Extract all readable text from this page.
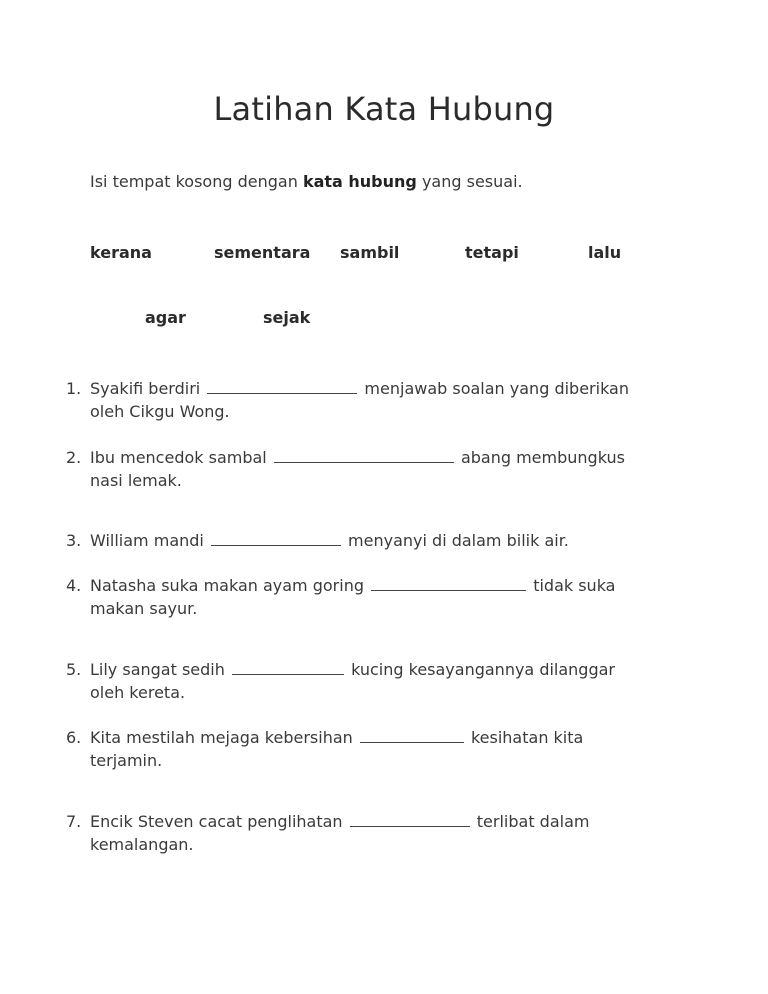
Latihan Kata Hubung

Isi tempat kosong dengan kata hubung yang sesuai.

kerana	sementara sambil	tetapi	lalu
agar	sejak
1. Syakifi berdiri	menjawab soalan yang diberikan
oleh Cikgu Wong.
2. Ibu mencedok sambal	abang membungkus
nasi lemak.
3. William mandi	menyanyi di dalam bilik air.
4. Natasha suka makan ayam goring	tidak suka
makan sayur.
5. Lily sangat sedih	kucing kesayangannya dilanggar
oleh kereta.
6. Kita mestilah mejaga kebersihan	kesihatan kita
terjamin.
7. Encik Steven cacat penglihatan	terlibat dalam
kemalangan.
